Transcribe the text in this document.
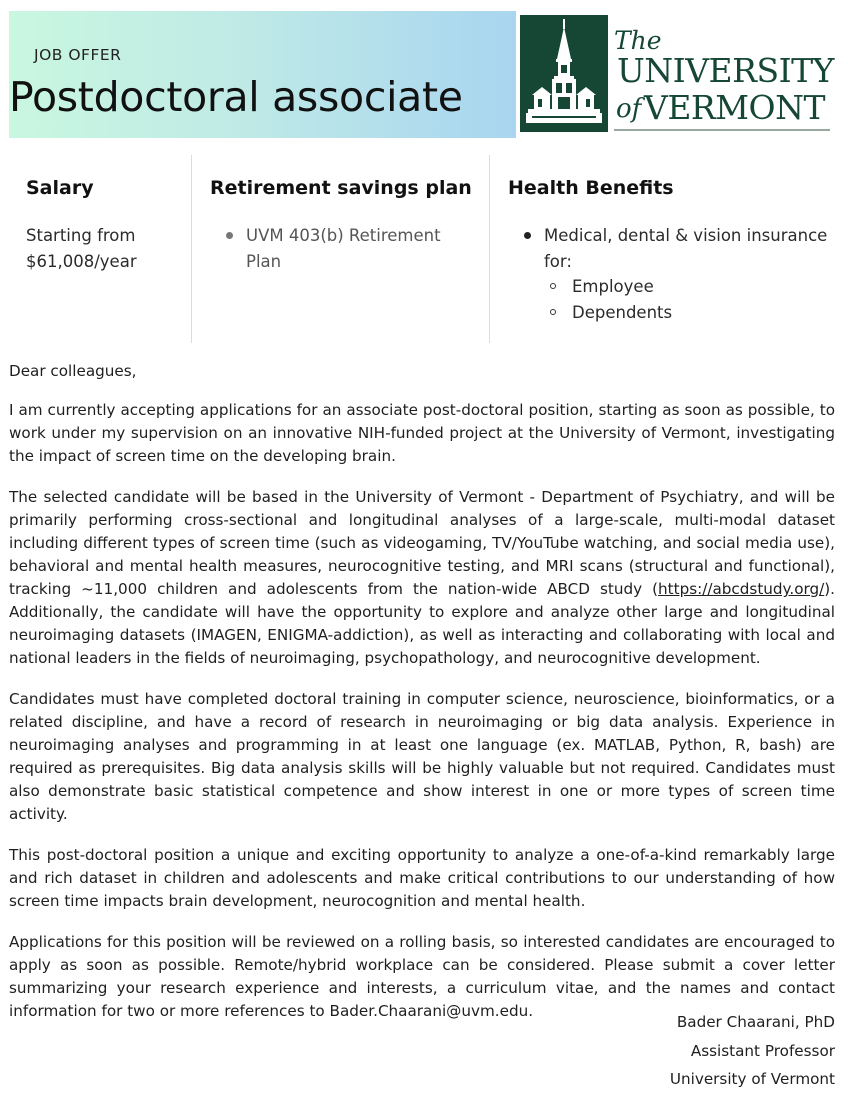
JOB OFFER
Postdoctoral associate
The
UNIVERSITY
of VERMONT
Salary
Starting from
$61,008/year
Retirement savings plan
UVM 403(b) Retirement Plan
Health Benefits
Medical, dental & vision insurance for:
Employee
Dependents

Dear colleagues,

I am currently accepting applications for an associate post-doctoral position, starting as soon as possible, to work under my supervision on an innovative NIH-funded project at the University of Vermont, investigating the impact of screen time on the developing brain.

The selected candidate will be based in the University of Vermont - Department of Psychiatry, and will be primarily performing cross-sectional and longitudinal analyses of a large-scale, multi-modal dataset including different types of screen time (such as videogaming, TV/YouTube watching, and social media use), behavioral and mental health measures, neurocognitive testing, and MRI scans (structural and functional), tracking ~11,000 children and adolescents from the nation-wide ABCD study (https://abcdstudy.org/). Additionally, the candidate will have the opportunity to explore and analyze other large and longitudinal neuroimaging datasets (IMAGEN, ENIGMA-addiction), as well as interacting and collaborating with local and national leaders in the fields of neuroimaging, psychopathology, and neurocognitive development.

Candidates must have completed doctoral training in computer science, neuroscience, bioinformatics, or a related discipline, and have a record of research in neuroimaging or big data analysis. Experience in neuroimaging analyses and programming in at least one language (ex. MATLAB, Python, R, bash) are required as prerequisites. Big data analysis skills will be highly valuable but not required. Candidates must also demonstrate basic statistical competence and show interest in one or more types of screen time activity.

This post-doctoral position a unique and exciting opportunity to analyze a one-of-a-kind remarkably large and rich dataset in children and adolescents and make critical contributions to our understanding of how screen time impacts brain development, neurocognition and mental health.

Applications for this position will be reviewed on a rolling basis, so interested candidates are encouraged to apply as soon as possible. Remote/hybrid workplace can be considered. Please submit a cover letter summarizing your research experience and interests, a curriculum vitae, and the names and contact information for two or more references to Bader.Chaarani@uvm.edu.

Bader Chaarani, PhD
Assistant Professor
University of Vermont
